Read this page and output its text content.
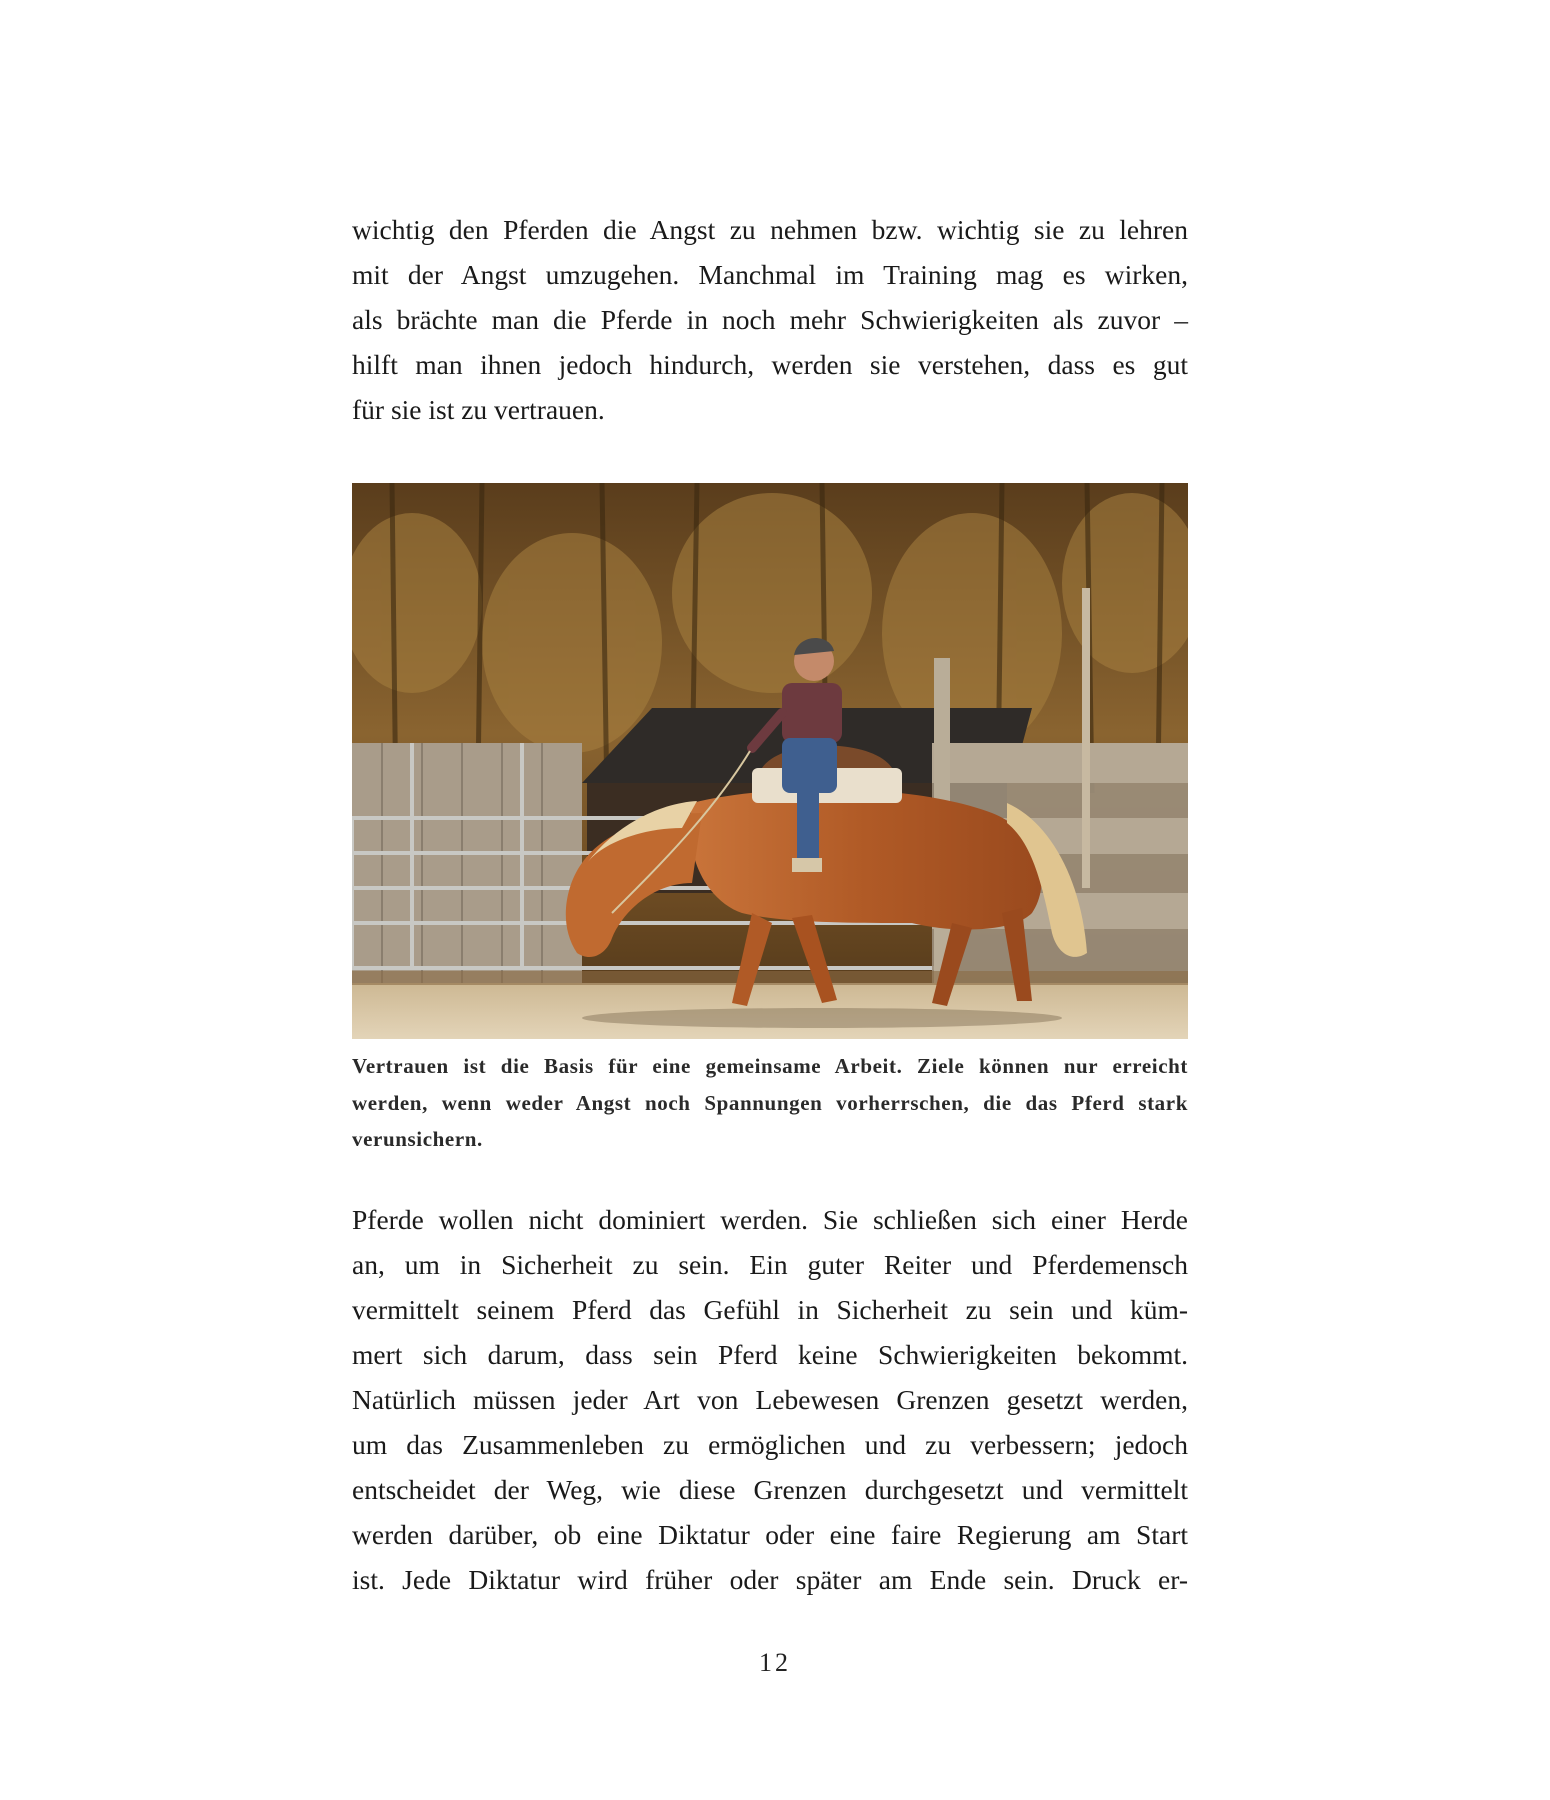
wichtig den Pferden die Angst zu nehmen bzw. wichtig sie zu lehren
mit der Angst umzugehen. Manchmal im Training mag es wirken,
als brächte man die Pferde in noch mehr Schwierigkeiten als zuvor –
hilft man ihnen jedoch hindurch, werden sie verstehen, dass es gut
für sie ist zu vertrauen.

Vertrauen ist die Basis für eine gemeinsame Arbeit. Ziele können nur erreicht
werden, wenn weder Angst noch Spannungen vorherrschen, die das Pferd stark
verunsichern.

Pferde wollen nicht dominiert werden. Sie schließen sich einer Herde
an, um in Sicherheit zu sein. Ein guter Reiter und Pferdemensch
vermittelt seinem Pferd das Gefühl in Sicherheit zu sein und küm-
mert sich darum, dass sein Pferd keine Schwierigkeiten bekommt.
Natürlich müssen jeder Art von Lebewesen Grenzen gesetzt werden,
um das Zusammenleben zu ermöglichen und zu verbessern; jedoch
entscheidet der Weg, wie diese Grenzen durchgesetzt und vermittelt
werden darüber, ob eine Diktatur oder eine faire Regierung am Start
ist. Jede Diktatur wird früher oder später am Ende sein. Druck er-

12
